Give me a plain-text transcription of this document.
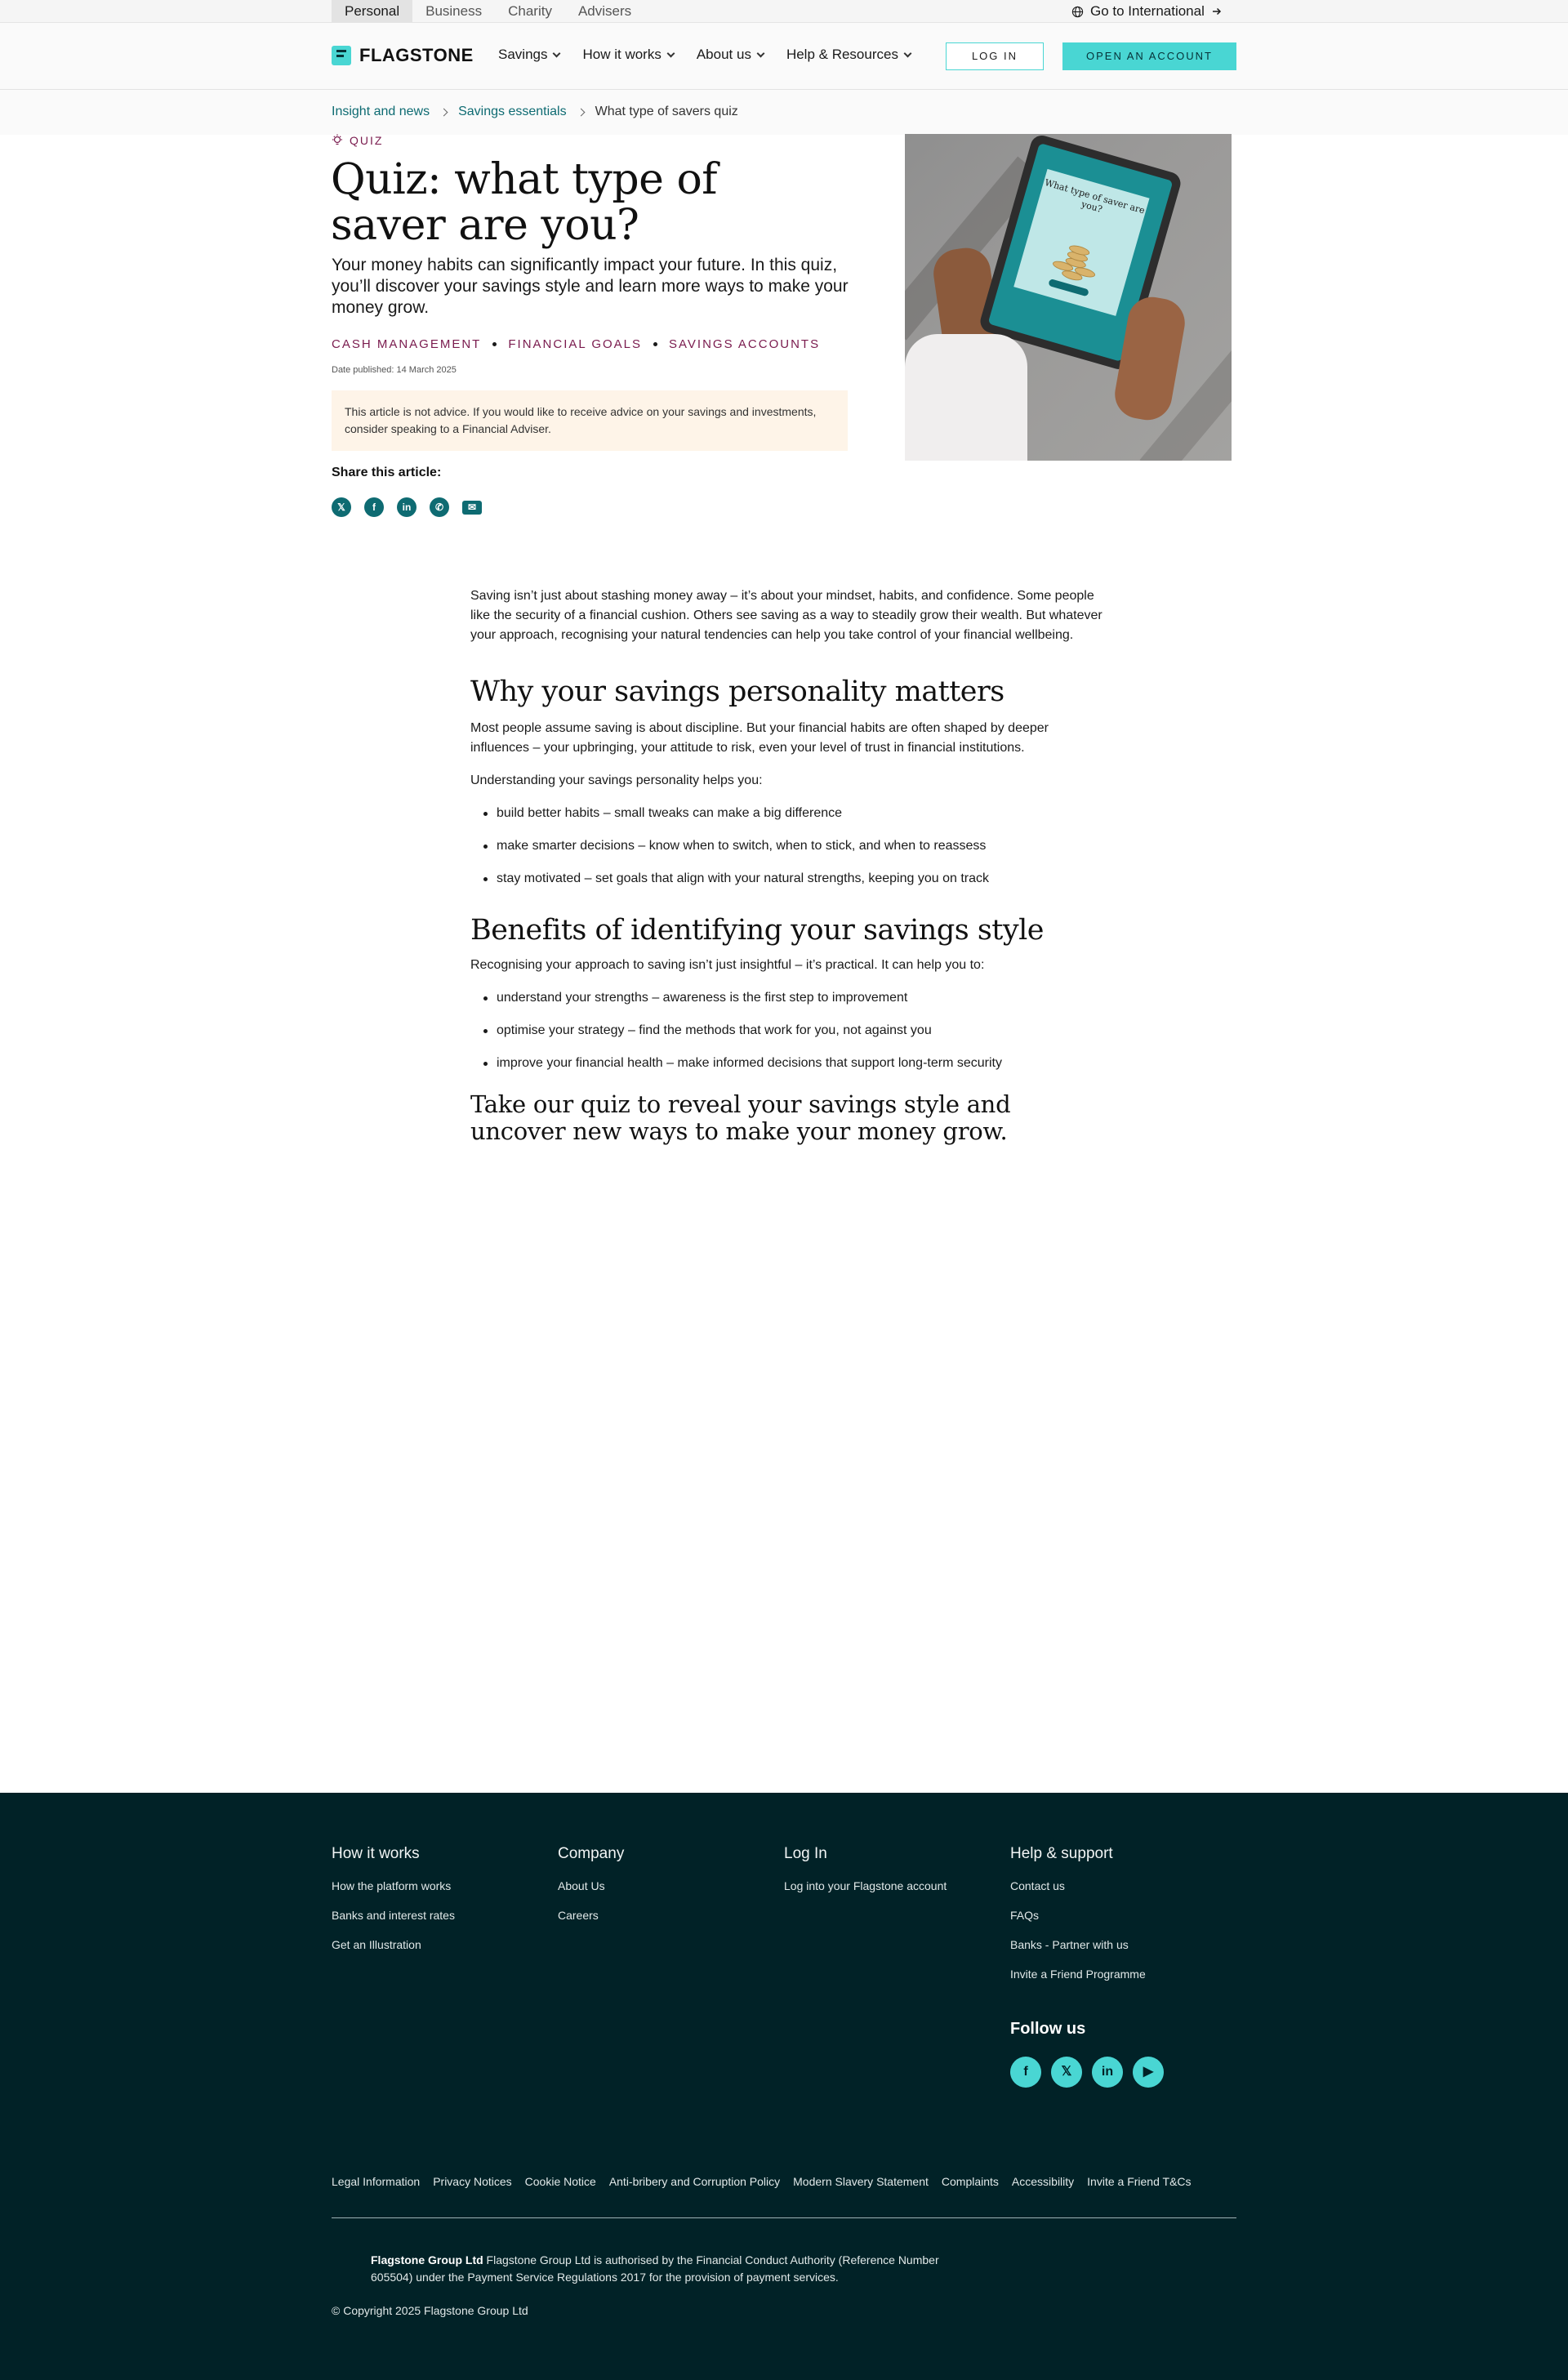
Personal	Business	Charity	Advisers	Go to International
FLAGSTONE Savings	How it works	About us	Help & Resources	LOG IN	OPEN AN ACCOUNT
Insight and news Savings essentials What type of savers quiz
QUIZ
Quiz: what type of saver are you?

Your money habits can significantly impact your future. In this quiz, you’ll discover your savings style and learn more ways to make your money grow.

CASH MANAGEMENT FINANCIAL GOALS SAVINGS ACCOUNTS
Date published: 14 March 2025
This article is not advice. If you would like to receive advice on your savings and investments, consider speaking to a Financial Adviser.
Share this article:
𝕏	f	in	✆	✉
What type of saver are you?

Saving isn’t just about stashing money away – it’s about your mindset, habits, and confidence. Some people like the security of a financial cushion. Others see saving as a way to steadily grow their wealth. But whatever your approach, recognising your natural tendencies can help you take control of your financial wellbeing.

Why your savings personality matters

Most people assume saving is about discipline. But your financial habits are often shaped by deeper influences – your upbringing, your attitude to risk, even your level of trust in financial institutions.

Understanding your savings personality helps you:

build better habits – small tweaks can make a big difference
make smarter decisions – know when to switch, when to stick, and when to reassess
stay motivated – set goals that align with your natural strengths, keeping you on track
Benefits of identifying your savings style

Recognising your approach to saving isn’t just insightful – it’s practical. It can help you to:

understand your strengths – awareness is the first step to improvement
optimise your strategy – find the methods that work for you, not against you
improve your financial health – make informed decisions that support long-term security
Take our quiz to reveal your savings style and uncover new ways to make your money grow.
How it works
How the platform works
Banks and interest rates
Get an Illustration
Company
About Us
Careers
Log In
Log into your Flagstone account
Help & support
Contact us
FAQs
Banks - Partner with us
Invite a Friend Programme
Follow us
f	𝕏	in	▶
Legal Information Privacy Notices Cookie Notice Anti-bribery and Corruption Policy Modern Slavery Statement Complaints Accessibility Invite a Friend T&Cs
Flagstone Group Ltd Flagstone Group Ltd is authorised by the Financial Conduct Authority (Reference Number 605504) under the Payment Service Regulations 2017 for the provision of payment services.
© Copyright 2025 Flagstone Group Ltd
